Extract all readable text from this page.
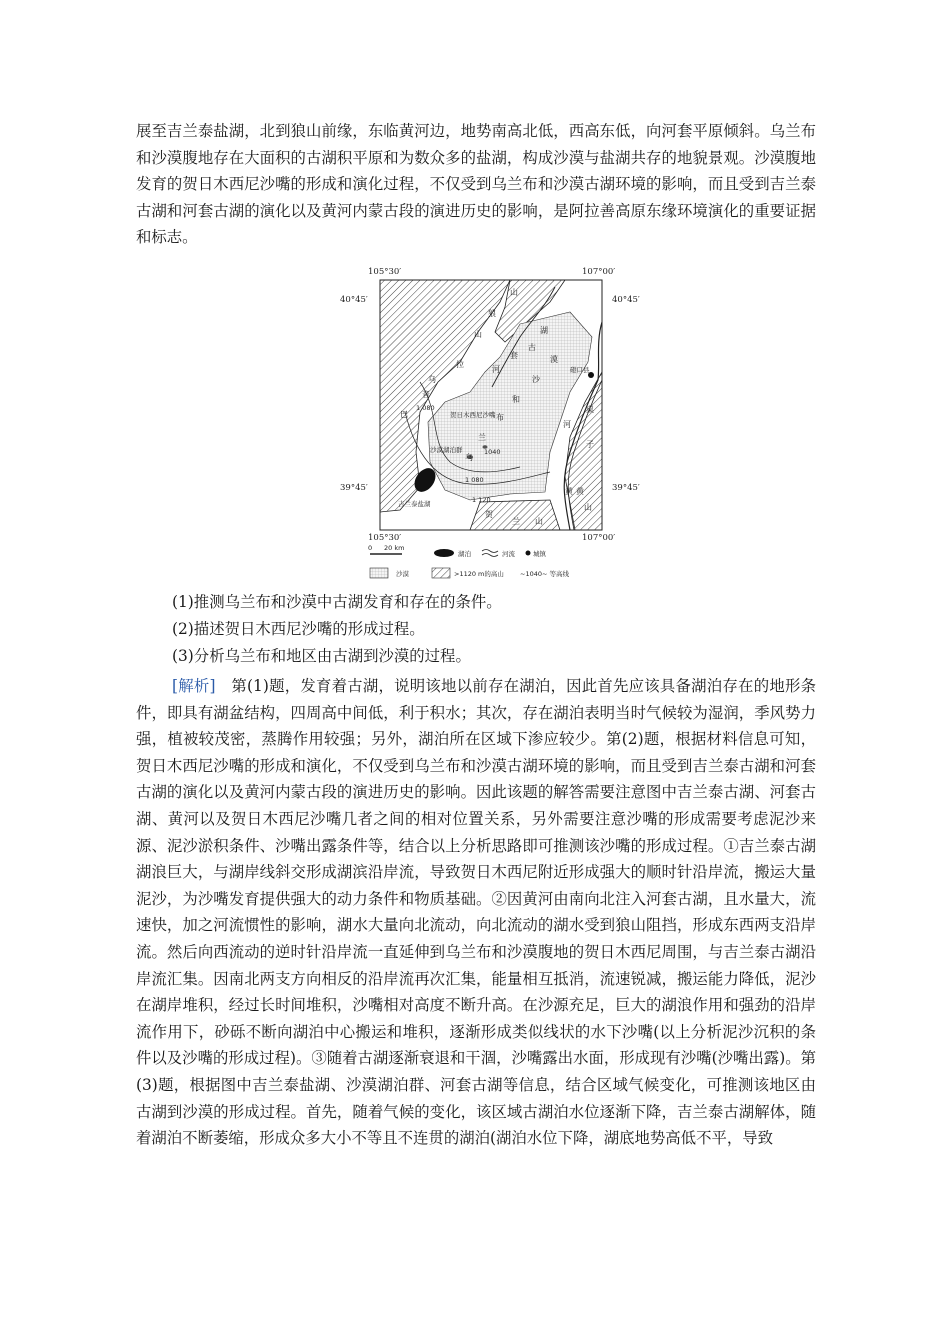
展至吉兰泰盐湖，北到狼山前缘，东临黄河边，地势南高北低，西高东低，向河套平原倾斜。乌兰布和沙漠腹地存在大面积的古湖积平原和为数众多的盐湖，构成沙漠与盐湖共存的地貌景观。沙漠腹地发育的贺日木西尼沙嘴的形成和演化过程，不仅受到乌兰布和沙漠古湖环境的影响，而且受到吉兰泰古湖和河套古湖的演化以及黄河内蒙古段的演进历史的影响，是阿拉善高原东缘环境演化的重要证据和标志。

105°30′	107°00′
40°45′	40°45′
39°45′	39°45′
105°30′	107°00′
山
狼
山	湖
古
套
河
拉
乌
音
巴
漠
沙
和
布
兰
乌
磴口县
贺日木西尼沙嘴
沙漠湖泊群
吉兰泰盐湖
贺
兰 山
河
黄
桌
子
黄
山
1 080
1040
1 080
1 120
0 20 km
湖泊	河流	城镇
沙漠	>1120 m的高山 ~1040~ 等高线

(1)推测乌兰布和沙漠中古湖发育和存在的条件。

(2)描述贺日木西尼沙嘴的形成过程。

(3)分析乌兰布和地区由古湖到沙漠的过程。

[解析]　 第(1)题，发育着古湖，说明该地以前存在湖泊，因此首先应该具备湖泊存在的地形条件，即具有湖盆结构，四周高中间低，利于积水；其次，存在湖泊表明当时气候较为湿润，季风势力强，植被较茂密，蒸腾作用较强；另外，湖泊所在区域下渗应较少。第(2)题，根据材料信息可知，贺日木西尼沙嘴的形成和演化，不仅受到乌兰布和沙漠古湖环境的影响，而且受到吉兰泰古湖和河套古湖的演化以及黄河内蒙古段的演进历史的影响。因此该题的解答需要注意图中吉兰泰古湖、河套古湖、黄河以及贺日木西尼沙嘴几者之间的相对位置关系，另外需要注意沙嘴的形成需要考虑泥沙来源、泥沙淤积条件、沙嘴出露条件等，结合以上分析思路即可推测该沙嘴的形成过程。①吉兰泰古湖湖浪巨大，与湖岸线斜交形成湖滨沿岸流，导致贺日木西尼附近形成强大的顺时针沿岸流，搬运大量泥沙，为沙嘴发育提供强大的动力条件和物质基础。②因黄河由南向北注入河套古湖，且水量大，流速快，加之河流惯性的影响，湖水大量向北流动，向北流动的湖水受到狼山阻挡，形成东西两支沿岸流。然后向西流动的逆时针沿岸流一直延伸到乌兰布和沙漠腹地的贺日木西尼周围，与吉兰泰古湖沿岸流汇集。因南北两支方向相反的沿岸流再次汇集，能量相互抵消，流速锐减，搬运能力降低，泥沙在湖岸堆积，经过长时间堆积，沙嘴相对高度不断升高。在沙源充足，巨大的湖浪作用和强劲的沿岸流作用下，砂砾不断向湖泊中心搬运和堆积，逐渐形成类似线状的水下沙嘴(以上分析泥沙沉积的条件以及沙嘴的形成过程)。③随着古湖逐渐衰退和干涸，沙嘴露出水面，形成现有沙嘴(沙嘴出露)。第(3)题，根据图中吉兰泰盐湖、沙漠湖泊群、河套古湖等信息，结合区域气候变化，可推测该地区由古湖到沙漠的形成过程。首先，随着气候的变化，该区域古湖泊水位逐渐下降，吉兰泰古湖解体，随着湖泊不断萎缩，形成众多大小不等且不连贯的湖泊(湖泊水位下降，湖底地势高低不平，导致
